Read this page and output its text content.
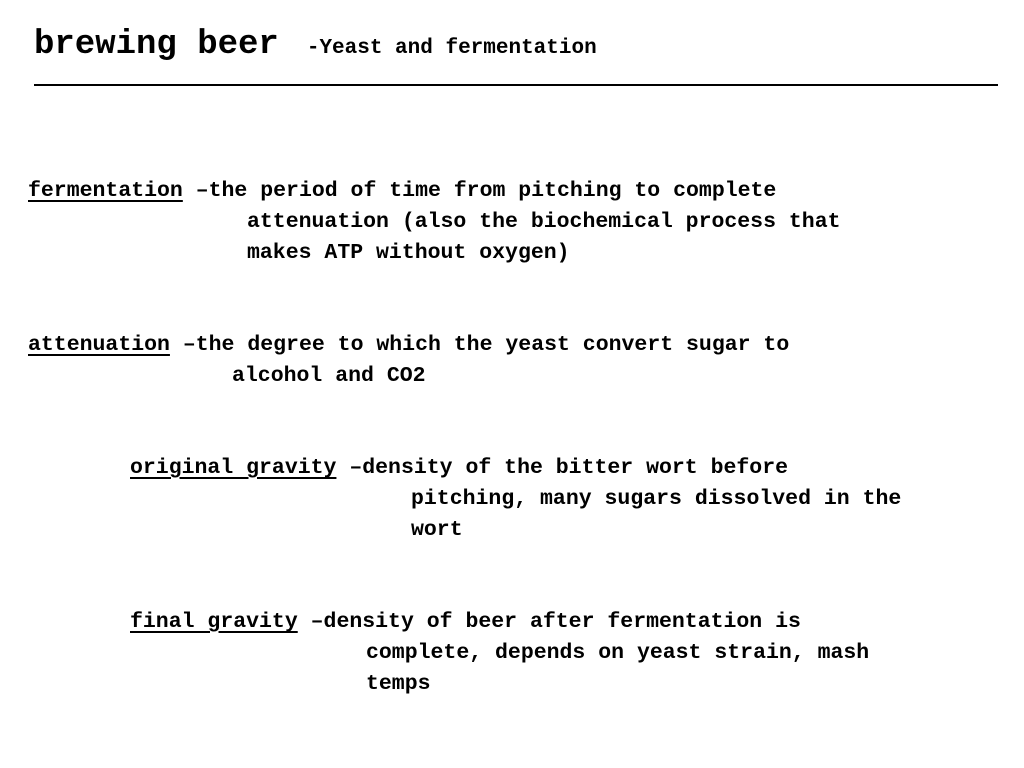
brewing beer -Yeast and fermentation
fermentation –the period of time from pitching to complete
attenuation (also the biochemical process that
makes ATP without oxygen)
attenuation –the degree to which the yeast convert sugar to
alcohol and CO2
original gravity –density of the bitter wort before
pitching, many sugars dissolved in the
wort
final gravity –density of beer after fermentation is
complete, depends on yeast strain, mash
temps
